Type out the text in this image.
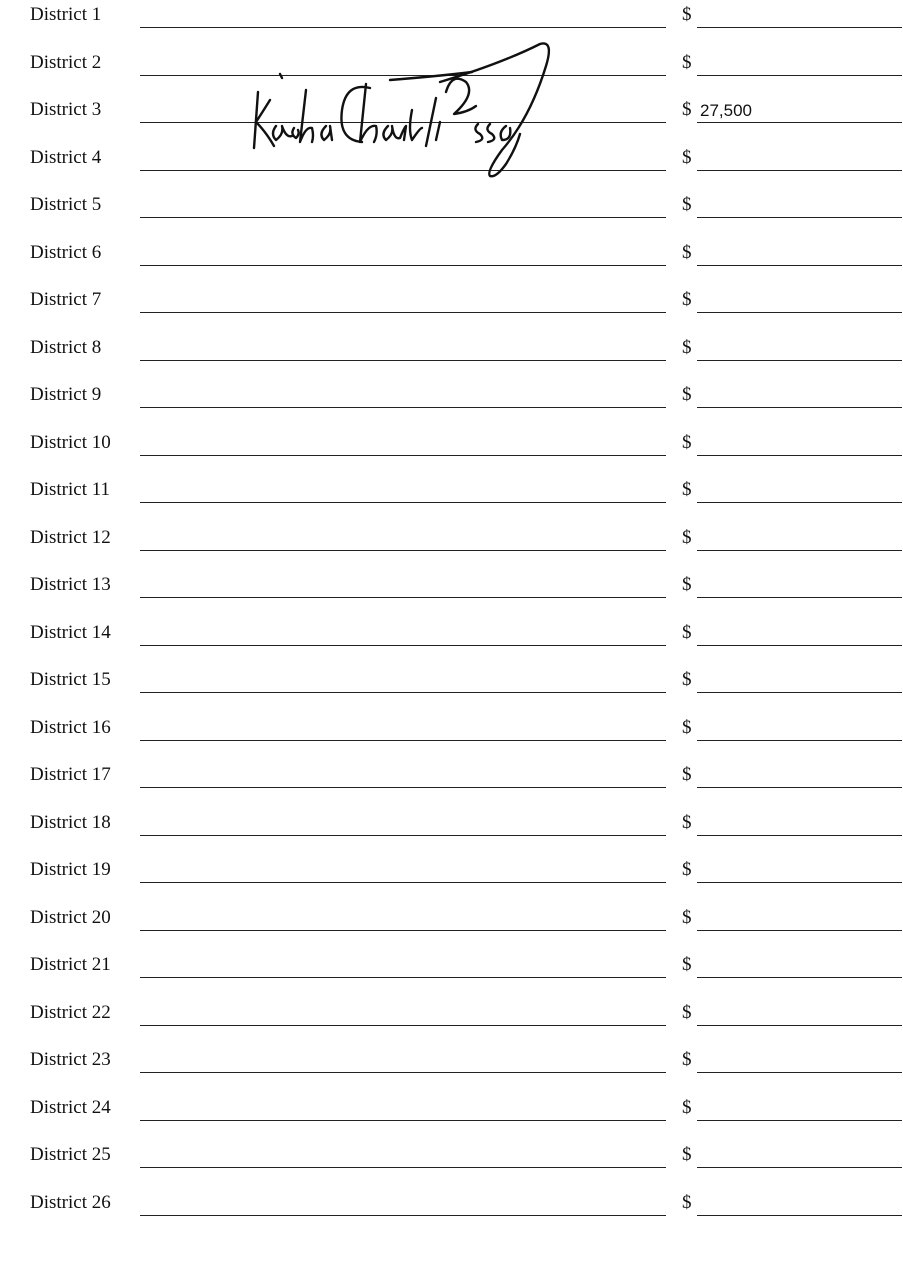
District 1	$
District 2	$
District 3	$ 27,500
District 4	$
District 5	$
District 6	$
District 7	$
District 8	$
District 9	$
District 10	$
District 11	$
District 12	$
District 13	$
District 14	$
District 15	$
District 16	$
District 17	$
District 18	$
District 19	$
District 20	$
District 21	$
District 22	$
District 23	$
District 24	$
District 25	$
District 26	$
